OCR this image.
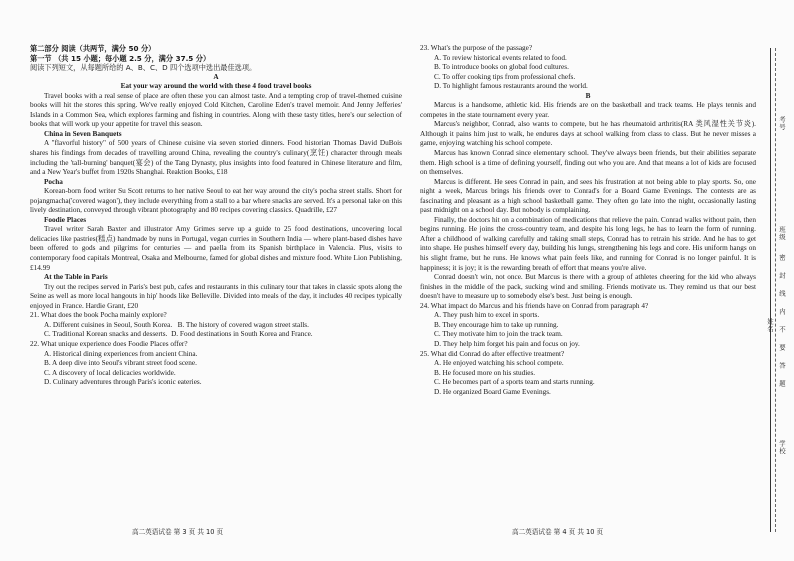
第二部分 阅读（共两节，满分 50 分）

第一节 （共 15 小题；每小题 2.5 分，满分 37.5 分）

阅读下列短文，从每题所给的 A、B、C、D 四个选项中选出最佳选项。

A

Eat your way around the world with these 4 food travel books

Travel books with a real sense of place are often these you can almost taste. And a tempting crop of travel-themed cuisine books will hit the stores this spring. We've really enjoyed Cold Kitchen, Caroline Eden's travel memoir. And Jenny Jefferies' Islands in a Common Sea, which explores farming and fishing in countries. Along with these tasty titles, here's our selection of books that will work up your appetite for travel this season.

China in Seven Banquets

A "flavorful history" of 500 years of Chinese cuisine via seven storied dinners. Food historian Thomas David DuBois shares his findings from decades of travelling around China, revealing the country's culinary(烹饪) character through meals including the 'tall-burning' banquet(宴会) of the Tang Dynasty, plus insights into food featured in Chinese literature and film, and a New Year's buffet from 1920s Shanghai. Reaktion Books, £18

Pocha

Korean-born food writer Su Scott returns to her native Seoul to eat her way around the city's pocha street stalls. Short for pojangmacha('covered wagon'), they include everything from a stall to a bar where snacks are served. It's a personal take on this lively destination, conveyed through vibrant photography and 80 recipes covering classics. Quadrille, £27

Foodie Places

Travel writer Sarah Baxter and illustrator Amy Grimes serve up a guide to 25 food destinations, uncovering local delicacies like pastries(糕点) handmade by nuns in Portugal, vegan curries in Southern India — where plant-based dishes have been offered to gods and pilgrims for centuries — and paella from its Spanish birthplace in Valencia. Plus, visits to contemporary food capitals Montreal, Osaka and Melbourne, famed for global dishes and mixture food. White Lion Publishing, £14.99

At the Table in Paris

Try out the recipes served in Paris's best pub, cafes and restaurants in this culinary tour that takes in classic spots along the Seine as well as more local hangouts in hip' hoods like Belleville. Divided into meals of the day, it includes 40 recipes typically enjoyed in France. Hardie Grant, £20

21. What does the book Pocha mainly explore?

A. Different cuisines in Seoul, South Korea. B. The history of covered wagon street stalls.

C. Traditional Korean snacks and desserts. D. Food destinations in South Korea and France.

22. What unique experience does Foodie Places offer?

A. Historical dining experiences from ancient China.

B. A deep dive into Seoul's vibrant street food scene.

C. A discovery of local delicacies worldwide.

D. Culinary adventures through Paris's iconic eateries.

23. What's the purpose of the passage?

A. To review historical events related to food.

B. To introduce books on global food cultures.

C. To offer cooking tips from professional chefs.

D. To highlight famous restaurants around the world.

B

Marcus is a handsome, athletic kid. His friends are on the basketball and track teams. He plays tennis and competes in the state tournament every year.

Marcus's neighbor, Conrad, also wants to compete, but he has rheumatoid arthritis(RA 类风湿性关节炎). Although it pains him just to walk, he endures days at school walking from class to class. But he never misses a game, enjoying watching his school compete.

Marcus has known Conrad since elementary school. They've always been friends, but their abilities separate them. High school is a time of defining yourself, finding out who you are. And that means a lot of kids are focused on themselves.

Marcus is different. He sees Conrad in pain, and sees his frustration at not being able to play sports. So, one night a week, Marcus brings his friends over to Conrad's for a Board Game Evenings. The contests are as fascinating and pleasant as a high school basketball game. They often go late into the night, occasionally lasting past midnight on a school day. But nobody is complaining.

Finally, the doctors hit on a combination of medications that relieve the pain. Conrad walks without pain, then begins running. He joins the cross-country team, and despite his long legs, he has to learn the form of running. After a childhood of walking carefully and taking small steps, Conrad has to retrain his stride. And he has to get into shape. He pushes himself every day, building his lungs, strengthening his legs and core. His uniform hangs on his slight frame, but he runs. He knows what pain feels like, and running for Conrad is no longer painful. It is happiness; it is joy; it is the rewarding breath of effort that means you're alive.

Conrad doesn't win, not once. But Marcus is there with a group of athletes cheering for the kid who always finishes in the middle of the pack, sucking wind and smiling. Friends motivate us. They remind us that our best doesn't have to measure up to somebody else's best. Just being is enough.

24. What impact do Marcus and his friends have on Conrad from paragraph 4?

A. They push him to excel in sports.

B. They encourage him to take up running.

C. They motivate him to join the track team.

D. They help him forget his pain and focus on joy.

25. What did Conrad do after effective treatment?

A. He enjoyed watching his school compete.

B. He focused more on his studies.

C. He becomes part of a sports team and starts running.

D. He organized Board Game Evenings.

高二英语试卷 第 3 页 共 10 页	高二英语试卷 第 4 页 共 10 页
考号
班级
密
封
线
内
不
要
答
题
姓名
学校
